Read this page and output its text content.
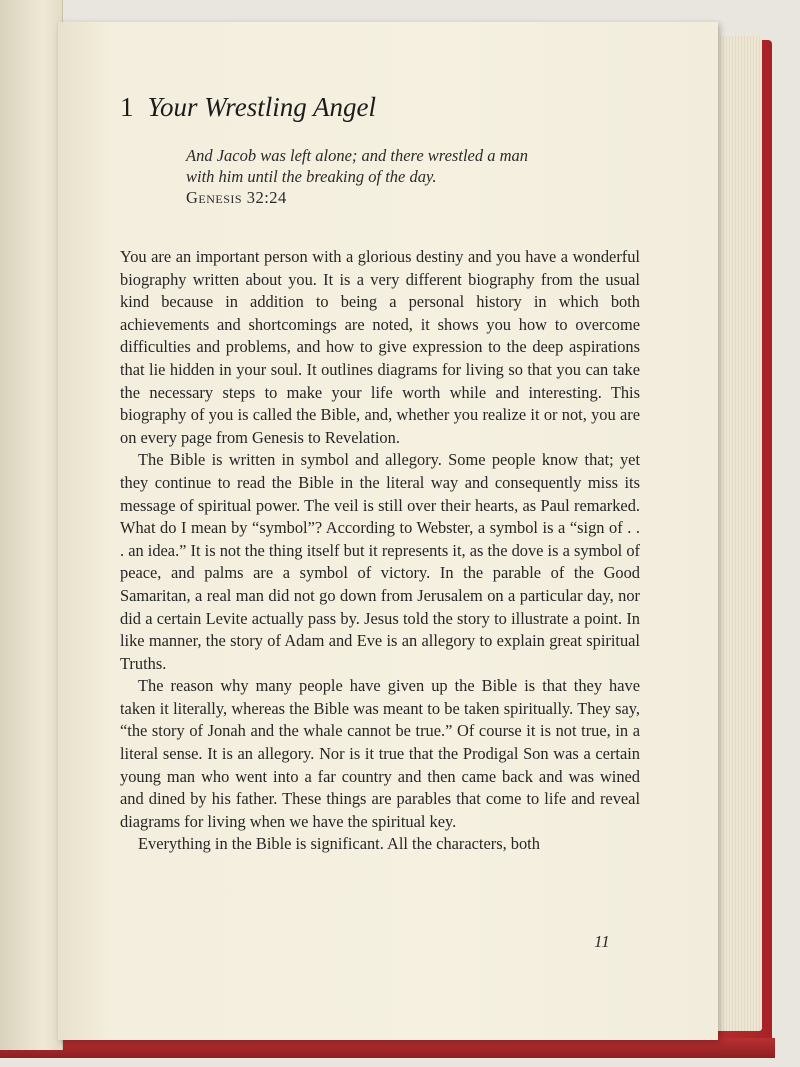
1 Your Wrestling Angel
And Jacob was left alone; and there wrestled a man
with him until the breaking of the day.
Genesis 32:24

You are an important person with a glorious destiny and you have a wonderful biography written about you. It is a very different biography from the usual kind because in addition to being a personal history in which both achievements and shortcomings are noted, it shows you how to overcome difficulties and problems, and how to give expression to the deep aspirations that lie hidden in your soul. It outlines diagrams for living so that you can take the necessary steps to make your life worth while and interesting. This biography of you is called the Bible, and, whether you realize it or not, you are on every page from Genesis to Revelation.

The Bible is written in symbol and allegory. Some people know that; yet they continue to read the Bible in the literal way and consequently miss its message of spiritual power. The veil is still over their hearts, as Paul remarked. What do I mean by “symbol”? According to Webster, a symbol is a “sign of . . . an idea.” It is not the thing itself but it represents it, as the dove is a symbol of peace, and palms are a symbol of victory. In the parable of the Good Samaritan, a real man did not go down from Jerusalem on a particular day, nor did a certain Levite actually pass by. Jesus told the story to illustrate a point. In like manner, the story of Adam and Eve is an allegory to explain great spiritual Truths.

The reason why many people have given up the Bible is that they have taken it literally, whereas the Bible was meant to be taken spiritually. They say, “the story of Jonah and the whale cannot be true.” Of course it is not true, in a literal sense. It is an allegory. Nor is it true that the Prodigal Son was a certain young man who went into a far country and then came back and was wined and dined by his father. These things are parables that come to life and reveal diagrams for living when we have the spiritual key.

Everything in the Bible is significant. All the characters, both

11
